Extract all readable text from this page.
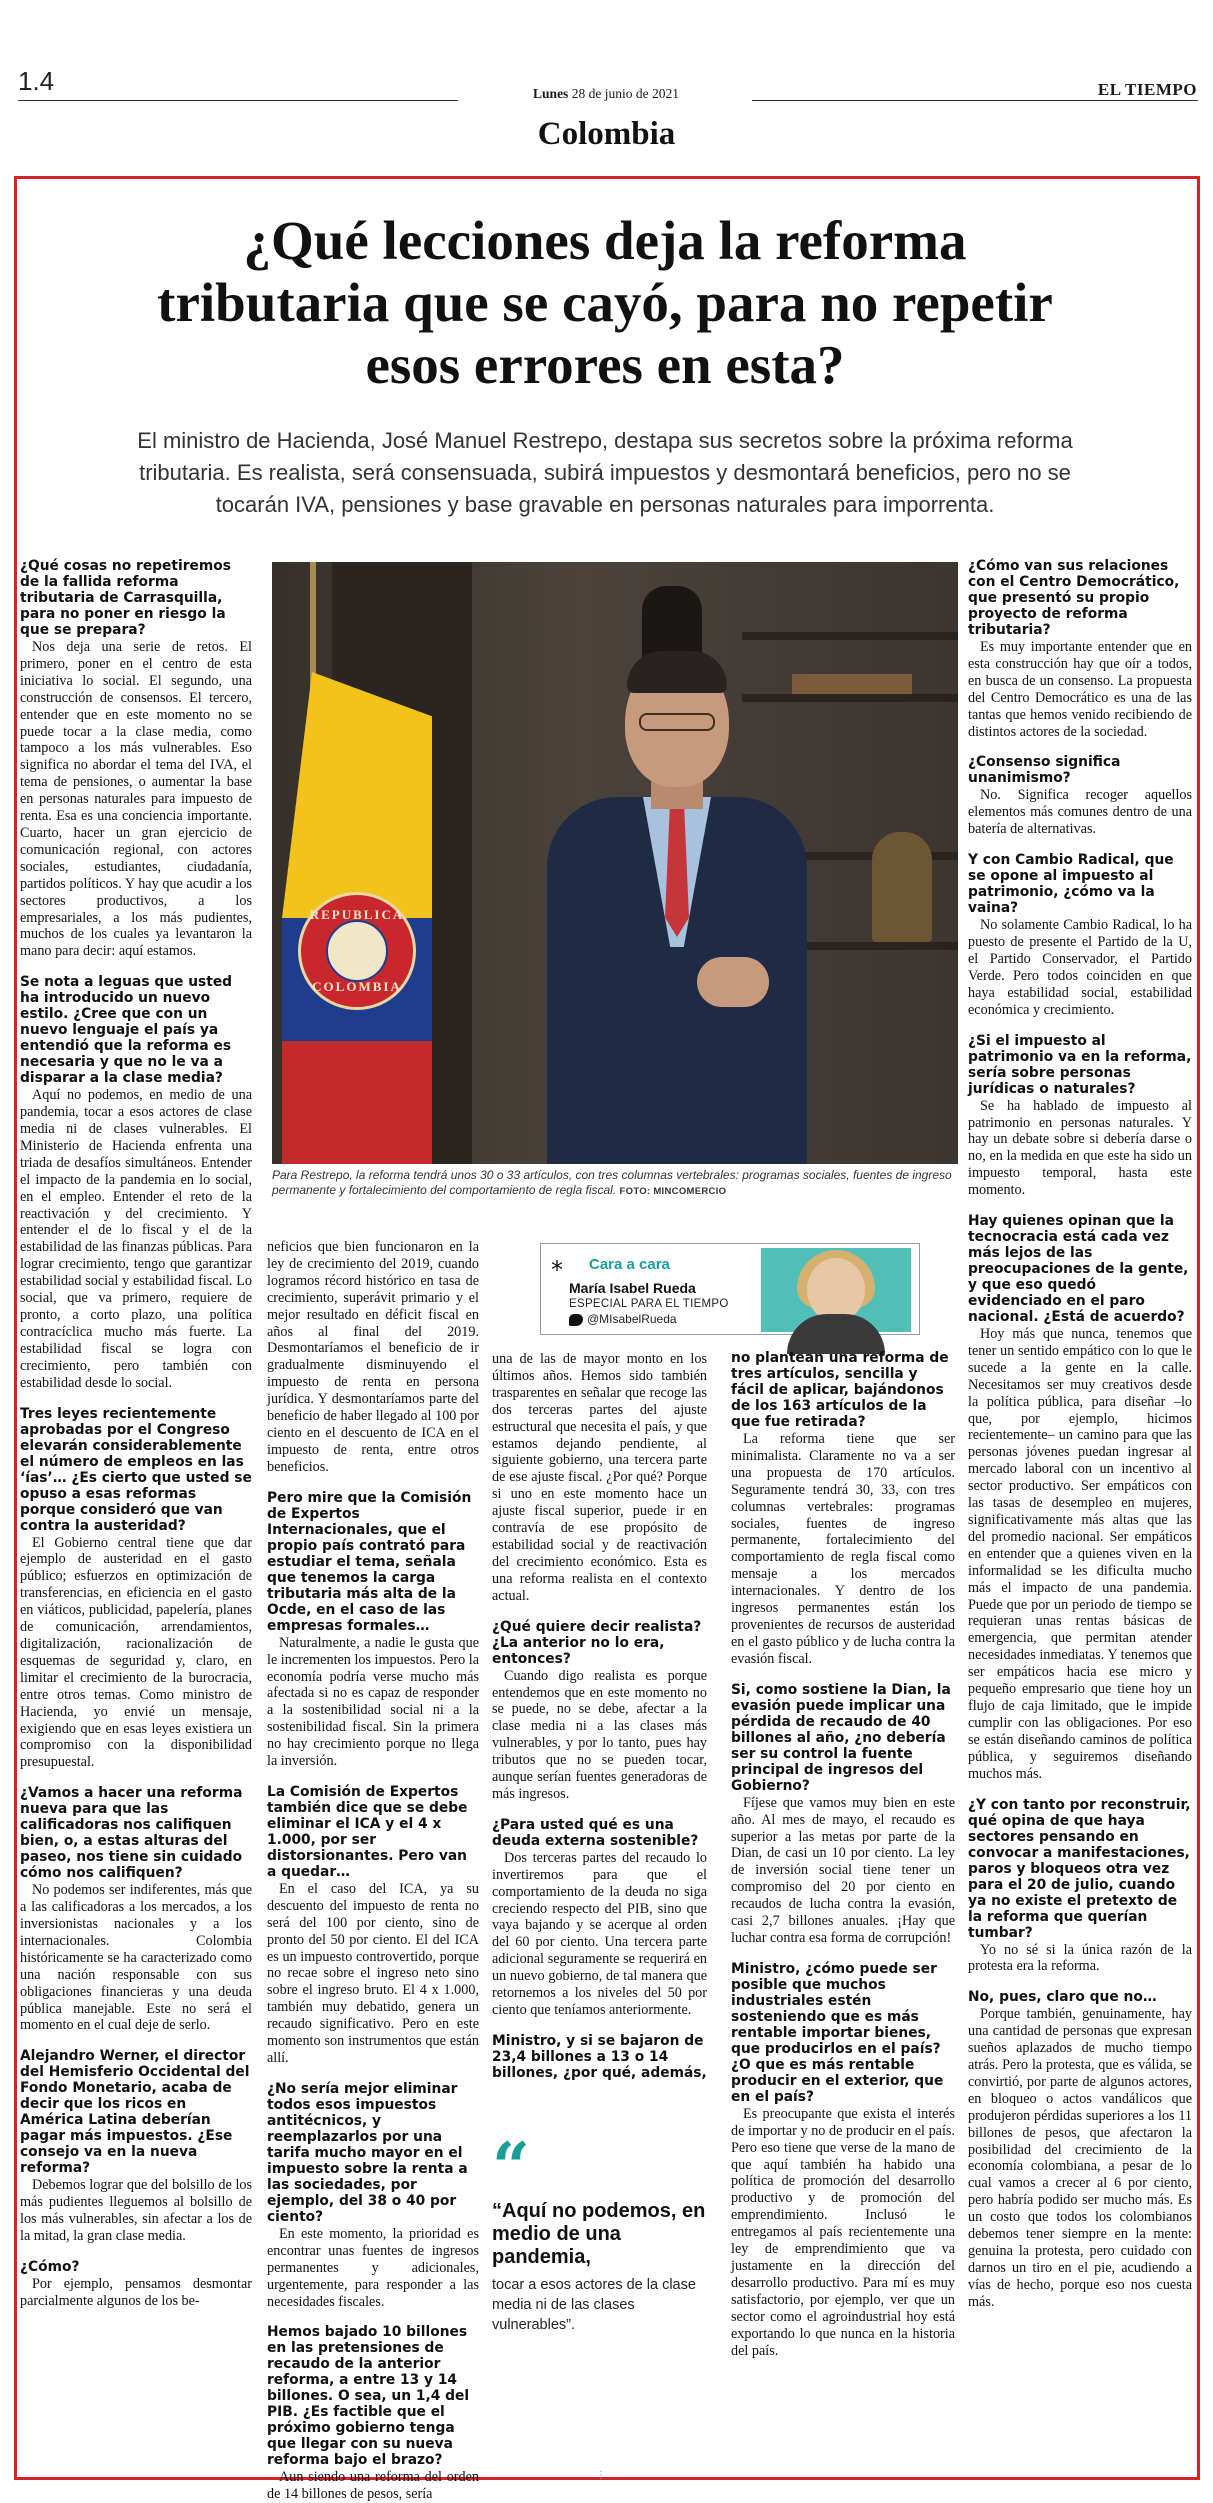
1.4	Lunes 28 de junio de 2021	EL TIEMPO
Colombia
¿Qué lecciones deja la reforma tributaria que se cayó, para no repetir esos errores en esta?

El ministro de Hacienda, José Manuel Restrepo, destapa sus secretos sobre la próxima reforma tributaria. Es realista, será consensuada, subirá impuestos y desmontará beneficios, pero no se tocarán IVA, pensiones y base gravable en personas naturales para imporrenta.

¿Qué cosas no repetiremos de la fallida reforma tributaria de Carrasquilla, para no poner en riesgo la que se prepara?

Nos deja una serie de retos. El primero, poner en el centro de esta iniciativa lo social. El segundo, una construcción de consensos. El tercero, entender que en este momento no se puede tocar a la clase media, como tampoco a los más vulnerables. Eso significa no abordar el tema del IVA, el tema de pensiones, o aumentar la base en personas naturales para impuesto de renta. Esa es una conciencia importante. Cuarto, hacer un gran ejercicio de comunicación regional, con actores sociales, estudiantes, ciudadanía, partidos políticos. Y hay que acudir a los sectores productivos, a los empresariales, a los más pudientes, muchos de los cuales ya levantaron la mano para decir: aquí estamos.

Se nota a leguas que usted ha introducido un nuevo estilo. ¿Cree que con un nuevo lenguaje el país ya entendió que la reforma es necesaria y que no le va a disparar a la clase media?

Aquí no podemos, en medio de una pandemia, tocar a esos actores de clase media ni de clases vulnerables. El Ministerio de Hacienda enfrenta una triada de desafíos simultáneos. Entender el impacto de la pandemia en lo social, en el empleo. Entender el reto de la reactivación y del crecimiento. Y entender el de lo fiscal y el de la estabilidad de las finanzas públicas. Para lograr crecimiento, tengo que garantizar estabilidad social y estabilidad fiscal. Lo social, que va primero, requiere de pronto, a corto plazo, una política contracíclica mucho más fuerte. La estabilidad fiscal se logra con crecimiento, pero también con estabilidad desde lo social.

Tres leyes recientemente aprobadas por el Congreso elevarán considerablemente el número de empleos en las ‘ías’… ¿Es cierto que usted se opuso a esas reformas porque consideró que van contra la austeridad?

El Gobierno central tiene que dar ejemplo de austeridad en el gasto público; esfuerzos en optimización de transferencias, en eficiencia en el gasto en viáticos, publicidad, papelería, planes de comunicación, arrendamientos, digitalización, racionalización de esquemas de seguridad y, claro, en limitar el crecimiento de la burocracia, entre otros temas. Como ministro de Hacienda, yo envié un mensaje, exigiendo que en esas leyes existiera un compromiso con la disponibilidad presupuestal.

¿Vamos a hacer una reforma nueva para que las calificadoras nos califiquen bien, o, a estas alturas del paseo, nos tiene sin cuidado cómo nos califiquen?

No podemos ser indiferentes, más que a las calificadoras a los mercados, a los inversionistas nacionales y a los internacionales. Colombia históricamente se ha caracterizado como una nación responsable con sus obligaciones financieras y una deuda pública manejable. Este no será el momento en el cual deje de serlo.

Alejandro Werner, el director del Hemisferio Occidental del Fondo Monetario, acaba de decir que los ricos en América Latina deberían pagar más impuestos. ¿Ese consejo va en la nueva reforma?

Debemos lograr que del bolsillo de los más pudientes lleguemos al bolsillo de los más vulnerables, sin afectar a los de la mitad, la gran clase media.

¿Cómo?

Por ejemplo, pensamos desmontar parcialmente algunos de los be-

REPUBLICA
DE COLOMBIA
Para Restrepo, la reforma tendrá unos 30 o 33 artículos, con tres columnas vertebrales: programas sociales, fuentes de ingreso permanente y fortalecimiento del comportamiento de regla fiscal. FOTO: MINCOMERCIO
* Cara a cara
María Isabel Rueda
ESPECIAL PARA EL TIEMPO
@MIsabelRueda

neficios que bien funcionaron en la ley de crecimiento del 2019, cuando logramos récord histórico en tasa de crecimiento, superávit primario y el mejor resultado en déficit fiscal en años al final del 2019. Desmontaríamos el beneficio de ir gradualmente disminuyendo el impuesto de renta en persona jurídica. Y desmontaríamos parte del beneficio de haber llegado al 100 por ciento en el descuento de ICA en el impuesto de renta, entre otros beneficios.

Pero mire que la Comisión de Expertos Internacionales, que el propio país contrató para estudiar el tema, señala que tenemos la carga tributaria más alta de la Ocde, en el caso de las empresas formales…

Naturalmente, a nadie le gusta que le incrementen los impuestos. Pero la economía podría verse mucho más afectada si no es capaz de responder a la sostenibilidad social ni a la sostenibilidad fiscal. Sin la primera no hay crecimiento porque no llega la inversión.

La Comisión de Expertos también dice que se debe eliminar el ICA y el 4 x 1.000, por ser distorsionantes. Pero van a quedar…

En el caso del ICA, ya su descuento del impuesto de renta no será del 100 por ciento, sino de pronto del 50 por ciento. El del ICA es un impuesto controvertido, porque no recae sobre el ingreso neto sino sobre el ingreso bruto. El 4 x 1.000, también muy debatido, genera un recaudo significativo. Pero en este momento son instrumentos que están allí.

¿No sería mejor eliminar todos esos impuestos antitécnicos, y reemplazarlos por una tarifa mucho mayor en el impuesto sobre la renta a las sociedades, por ejemplo, del 38 o 40 por ciento?

En este momento, la prioridad es encontrar unas fuentes de ingresos permanentes y adicionales, urgentemente, para responder a las necesidades fiscales.

Hemos bajado 10 billones en las pretensiones de recaudo de la anterior reforma, a entre 13 y 14 billones. O sea, un 1,4 del PIB. ¿Es factible que el próximo gobierno tenga que llegar con su nueva reforma bajo el brazo?

Aun siendo una reforma del orden de 14 billones de pesos, sería

una de las de mayor monto en los últimos años. Hemos sido también trasparentes en señalar que recoge las dos terceras partes del ajuste estructural que necesita el país, y que estamos dejando pendiente, al siguiente gobierno, una tercera parte de ese ajuste fiscal. ¿Por qué? Porque si uno en este momento hace un ajuste fiscal superior, puede ir en contravía de ese propósito de estabilidad social y de reactivación del crecimiento económico. Esta es una reforma realista en el contexto actual.

¿Qué quiere decir realista? ¿La anterior no lo era, entonces?

Cuando digo realista es porque entendemos que en este momento no se puede, no se debe, afectar a la clase media ni a las clases más vulnerables, y por lo tanto, pues hay tributos que no se pueden tocar, aunque serían fuentes generadoras de más ingresos.

¿Para usted qué es una deuda externa sostenible?

Dos terceras partes del recaudo lo invertiremos para que el comportamiento de la deuda no siga creciendo respecto del PIB, sino que vaya bajando y se acerque al orden del 60 por ciento. Una tercera parte adicional seguramente se requerirá en un nuevo gobierno, de tal manera que retornemos a los niveles del 50 por ciento que teníamos anteriormente.

Ministro, y si se bajaron de 23,4 billones a 13 o 14 billones, ¿por qué, además,
“
“Aquí no podemos, en medio de una pandemia,
tocar a esos actores de la clase media ni de las clases vulnerables”.
no plantean una reforma de tres artículos, sencilla y fácil de aplicar, bajándonos de los 163 artículos de la que fue retirada?

La reforma tiene que ser minimalista. Claramente no va a ser una propuesta de 170 artículos. Seguramente tendrá 30, 33, con tres columnas vertebrales: programas sociales, fuentes de ingreso permanente, fortalecimiento del comportamiento de regla fiscal como mensaje a los mercados internacionales. Y dentro de los ingresos permanentes están los provenientes de recursos de austeridad en el gasto público y de lucha contra la evasión fiscal.

Si, como sostiene la Dian, la evasión puede implicar una pérdida de recaudo de 40 billones al año, ¿no debería ser su control la fuente principal de ingresos del Gobierno?

Fíjese que vamos muy bien en este año. Al mes de mayo, el recaudo es superior a las metas por parte de la Dian, de casi un 10 por ciento. La ley de inversión social tiene tener un compromiso del 20 por ciento en recaudos de lucha contra la evasión, casi 2,7 billones anuales. ¡Hay que luchar contra esa forma de corrupción!

Ministro, ¿cómo puede ser posible que muchos industriales estén sosteniendo que es más rentable importar bienes, que producirlos en el país? ¿O que es más rentable producir en el exterior, que en el país?

Es preocupante que exista el interés de importar y no de producir en el país. Pero eso tiene que verse de la mano de que aquí también ha habido una política de promoción del desarrollo productivo y de promoción del emprendimiento. Inclusó le entregamos al país recientemente una ley de emprendimiento que va justamente en la dirección del desarrollo productivo. Para mí es muy satisfactorio, por ejemplo, ver que un sector como el agroindustrial hoy está exportando lo que nunca en la historia del país.

¿Cómo van sus relaciones con el Centro Democrático, que presentó su propio proyecto de reforma tributaria?

Es muy importante entender que en esta construcción hay que oír a todos, en busca de un consenso. La propuesta del Centro Democrático es una de las tantas que hemos venido recibiendo de distintos actores de la sociedad.

¿Consenso significa unanimismo?

No. Significa recoger aquellos elementos más comunes dentro de una batería de alternativas.

Y con Cambio Radical, que se opone al impuesto al patrimonio, ¿cómo va la vaina?

No solamente Cambio Radical, lo ha puesto de presente el Partido de la U, el Partido Conservador, el Partido Verde. Pero todos coinciden en que haya estabilidad social, estabilidad económica y crecimiento.

¿Si el impuesto al patrimonio va en la reforma, sería sobre personas jurídicas o naturales?

Se ha hablado de impuesto al patrimonio en personas naturales. Y hay un debate sobre si debería darse o no, en la medida en que este ha sido un impuesto temporal, hasta este momento.

Hay quienes opinan que la tecnocracia está cada vez más lejos de las preocupaciones de la gente, y que eso quedó evidenciado en el paro nacional. ¿Está de acuerdo?

Hoy más que nunca, tenemos que tener un sentido empático con lo que le sucede a la gente en la calle. Necesitamos ser muy creativos desde la política pública, para diseñar –lo que, por ejemplo, hicimos recientemente– un camino para que las personas jóvenes puedan ingresar al mercado laboral con un incentivo al sector productivo. Ser empáticos con las tasas de desempleo en mujeres, significativamente más altas que las del promedio nacional. Ser empáticos en entender que a quienes viven en la informalidad se les dificulta mucho más el impacto de una pandemia. Puede que por un periodo de tiempo se requieran unas rentas básicas de emergencia, que permitan atender necesidades inmediatas. Y tenemos que ser empáticos hacia ese micro y pequeño empresario que tiene hoy un flujo de caja limitado, que le impide cumplir con las obligaciones. Por eso se están diseñando caminos de política pública, y seguiremos diseñando muchos más.

¿Y con tanto por reconstruir, qué opina de que haya sectores pensando en convocar a manifestaciones, paros y bloqueos otra vez para el 20 de julio, cuando ya no existe el pretexto de la reforma que querían tumbar?

Yo no sé si la única razón de la protesta era la reforma.

No, pues, claro que no…

Porque también, genuinamente, hay una cantidad de personas que expresan sueños aplazados de mucho tiempo atrás. Pero la protesta, que es válida, se convirtió, por parte de algunos actores, en bloqueo o actos vandálicos que produjeron pérdidas superiores a los 11 billones de pesos, que afectaron la posibilidad del crecimiento de la economía colombiana, a pesar de lo cual vamos a crecer al 6 por ciento, pero habría podido ser mucho más. Es un costo que todos los colombianos debemos tener siempre en la mente: genuina la protesta, pero cuidado con darnos un tiro en el pie, acudiendo a vías de hecho, porque eso nos cuesta más.

⋮
